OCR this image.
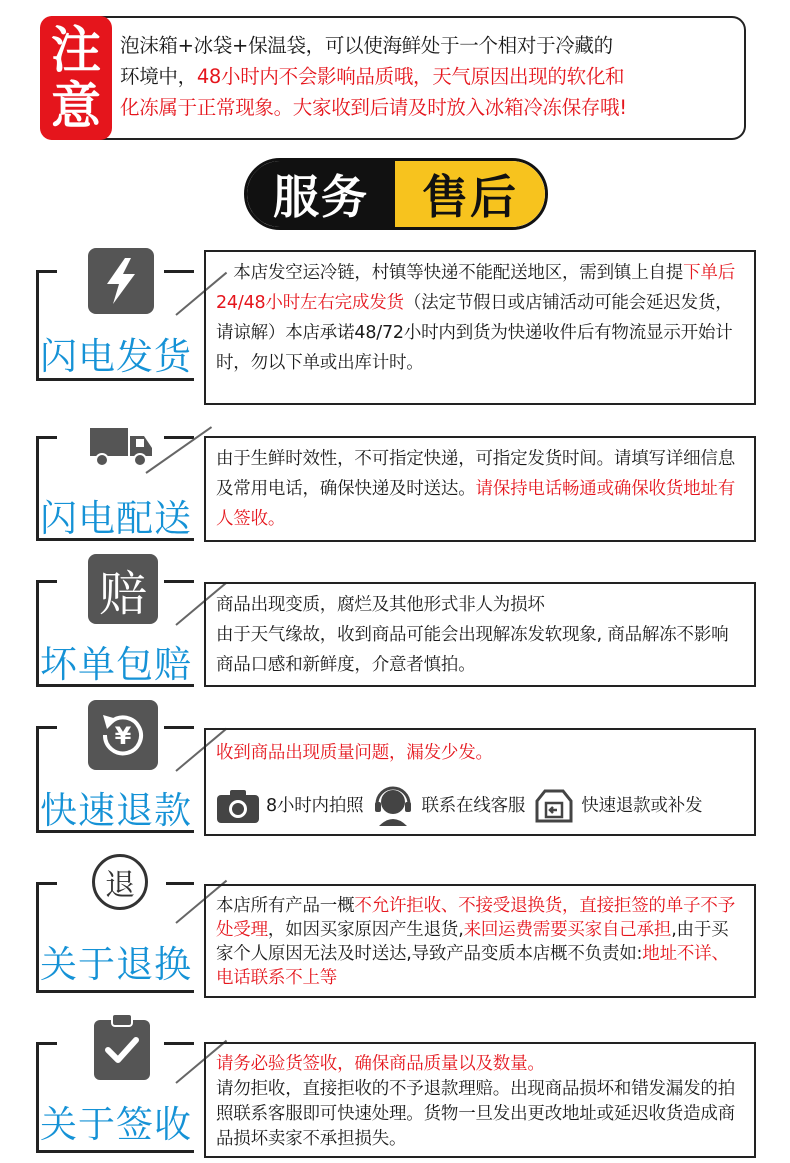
注
意
泡沫箱+冰袋+保温袋，可以使海鲜处于一个相对于冷藏的
环境中，48小时内不会影响品质哦，天气原因出现的软化和
化冻属于正常现象。大家收到后请及时放入冰箱冷冻保存哦!
服务	售后
闪电发货
　本店发空运冷链，村镇等快递不能配送地区，需到镇上自提下单后24/48小时左右完成发货（法定节假日或店铺活动可能会延迟发货，请谅解）本店承诺48/72小时内到货为快递收件后有物流显示开始计时，勿以下单或出库计时。
闪电配送
由于生鲜时效性，不可指定快递，可指定发货时间。请填写详细信息及常用电话，确保快递及时送达。请保持电话畅通或确保收货地址有人签收。
赔
坏单包赔
商品出现变质，腐烂及其他形式非人为损坏
由于天气缘故，收到商品可能会出现解冻发软现象, 商品解冻不影响商品口感和新鲜度，介意者慎拍。
¥
快速退款
收到商品出现质量问题，漏发少发。
8小时内拍照	联系在线客服	快速退款或补发
退
关于退换
本店所有产品一概不允许拒收、不接受退换货，直接拒签的单子不予处受理，如因买家原因产生退货,来回运费需要买家自己承担,由于买家个人原因无法及时送达,导致产品变质本店概不负责如:地址不详、电话联系不上等
关于签收
请务必验货签收，确保商品质量以及数量。
请勿拒收，直接拒收的不予退款理赔。出现商品损坏和错发漏发的拍照联系客服即可快速处理。货物一旦发出更改地址或延迟收货造成商品损坏卖家不承担损失。
